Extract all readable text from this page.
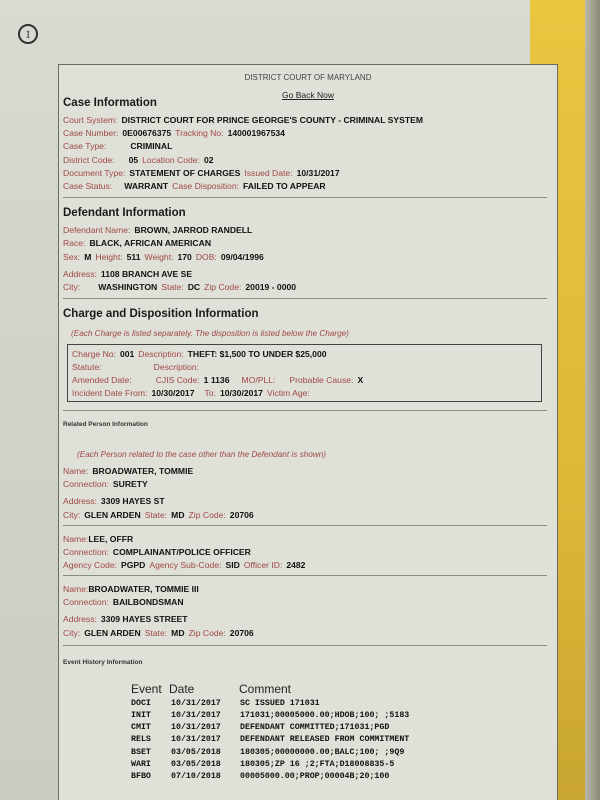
1
DISTRICT COURT OF MARYLAND
Go Back Now
Case Information
Court System: DISTRICT COURT FOR PRINCE GEORGE'S COUNTY - CRIMINAL SYSTEM
Case Number: 0E00676375 Tracking No: 140001967534
Case Type:	CRIMINAL
District Code: 05 Location Code: 02
Document Type: STATEMENT OF CHARGES Issued Date: 10/31/2017
Case Status: WARRANT Case Disposition: FAILED TO APPEAR
Defendant Information
Defendant Name: BROWN, JARROD RANDELL
Race: BLACK, AFRICAN AMERICAN
Sex: M Height: 511 Weight: 170 DOB: 09/04/1996
Address: 1108 BRANCH AVE SE
City: WASHINGTON State: DC Zip Code: 20019 - 0000
Charge and Disposition Information
(Each Charge is listed separately. The disposition is listed below the Charge)
Charge No: 001 Description: THEFT: $1,500 TO UNDER $25,000
Statute:	Description:
Amended Date:	CJIS Code: 1 1136 MO/PLL: Probable Cause: X
Incident Date From: 10/30/2017 To: 10/30/2017 Victim Age:
Related Person Information
(Each Person related to the case other than the Defendant is shown)
Name: BROADWATER, TOMMIE
Connection: SURETY
Address: 3309 HAYES ST
City: GLEN ARDEN State: MD Zip Code: 20706
Name:LEE, OFFR
Connection: COMPLAINANT/POLICE OFFICER
Agency Code: PGPD Agency Sub-Code: SID Officer ID: 2482
Name:BROADWATER, TOMMIE III
Connection: BAILBONDSMAN
Address: 3309 HAYES STREET
City: GLEN ARDEN State: MD Zip Code: 20706
Event History Information
Event Date	Comment
DOCI 10/31/2017 SC ISSUED 171031
INIT 10/31/2017 171031;00005000.00;HDOB;100; ;5183
CMIT 10/31/2017 DEFENDANT COMMITTED;171031;PGD
RELS 10/31/2017 DEFENDANT RELEASED FROM COMMITMENT
BSET 03/05/2018 180305;00000000.00;BALC;100; ;9Q9
WARI 03/05/2018 180305;ZP 16 ;2;FTA;D18008835-5
BFBO 07/10/2018 00005000.00;PROP;00004B;20;100
